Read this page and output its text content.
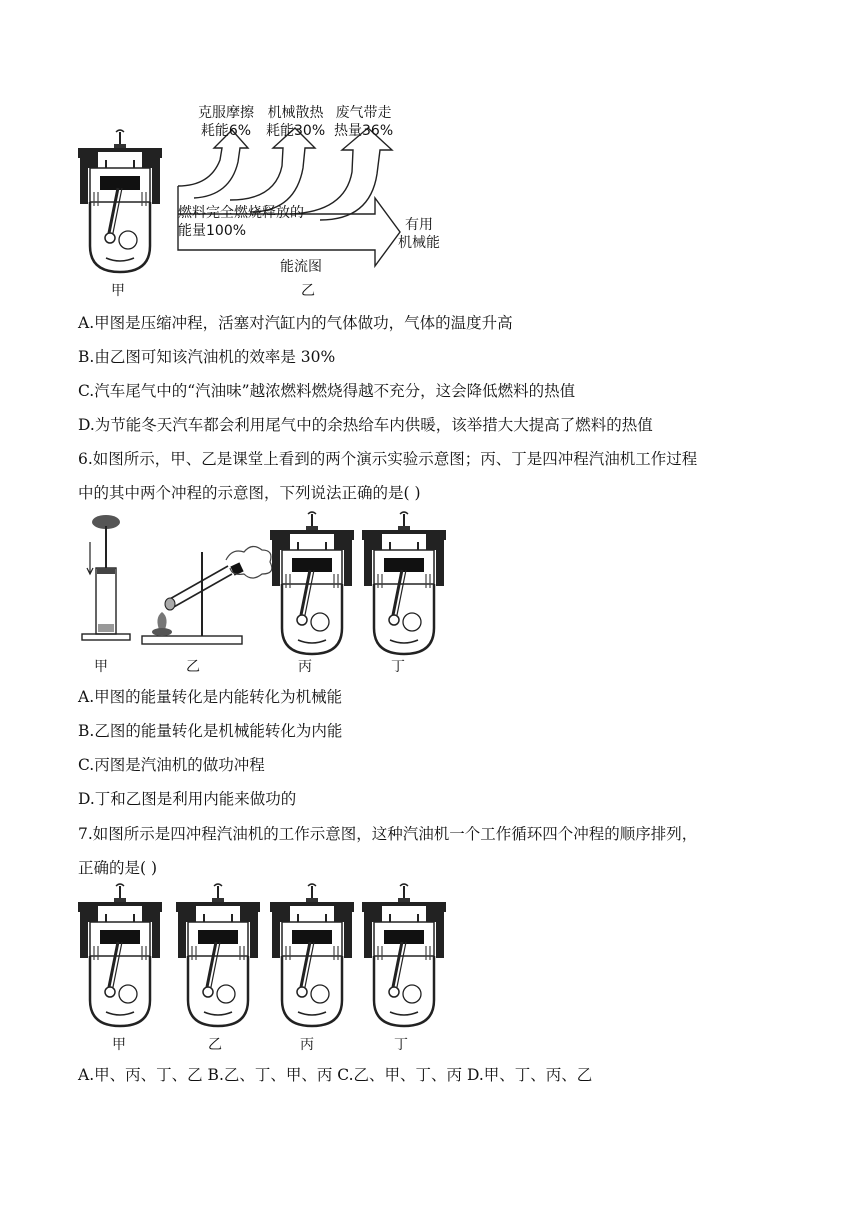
甲
克服摩擦
耗能6%
机械散热
耗能30%
废气带走
热量36%
燃料完全燃烧释放的
能量100%	有用
机械能
能流图
乙
A.甲图是压缩冲程，活塞对汽缸内的气体做功，气体的温度升高
B.由乙图可知该汽油机的效率是 30%
C.汽车尾气中的“汽油味”越浓燃料燃烧得越不充分，这会降低燃料的热值
D.为节能冬天汽车都会利用尾气中的余热给车内供暖，该举措大大提高了燃料的热值
6.如图所示，甲、乙是课堂上看到的两个演示实验示意图；丙、丁是四冲程汽油机工作过程
中的其中两个冲程的示意图，下列说法正确的是( )
甲	乙	丙	丁
A.甲图的能量转化是内能转化为机械能
B.乙图的能量转化是机械能转化为内能
C.丙图是汽油机的做功冲程
D.丁和乙图是利用内能来做功的
7.如图所示是四冲程汽油机的工作示意图，这种汽油机一个工作循环四个冲程的顺序排列，
正确的是( )
甲	乙	丙	丁
A.甲、丙、丁、乙 B.乙、丁、甲、丙 C.乙、甲、丁、丙 D.甲、丁、丙、乙
